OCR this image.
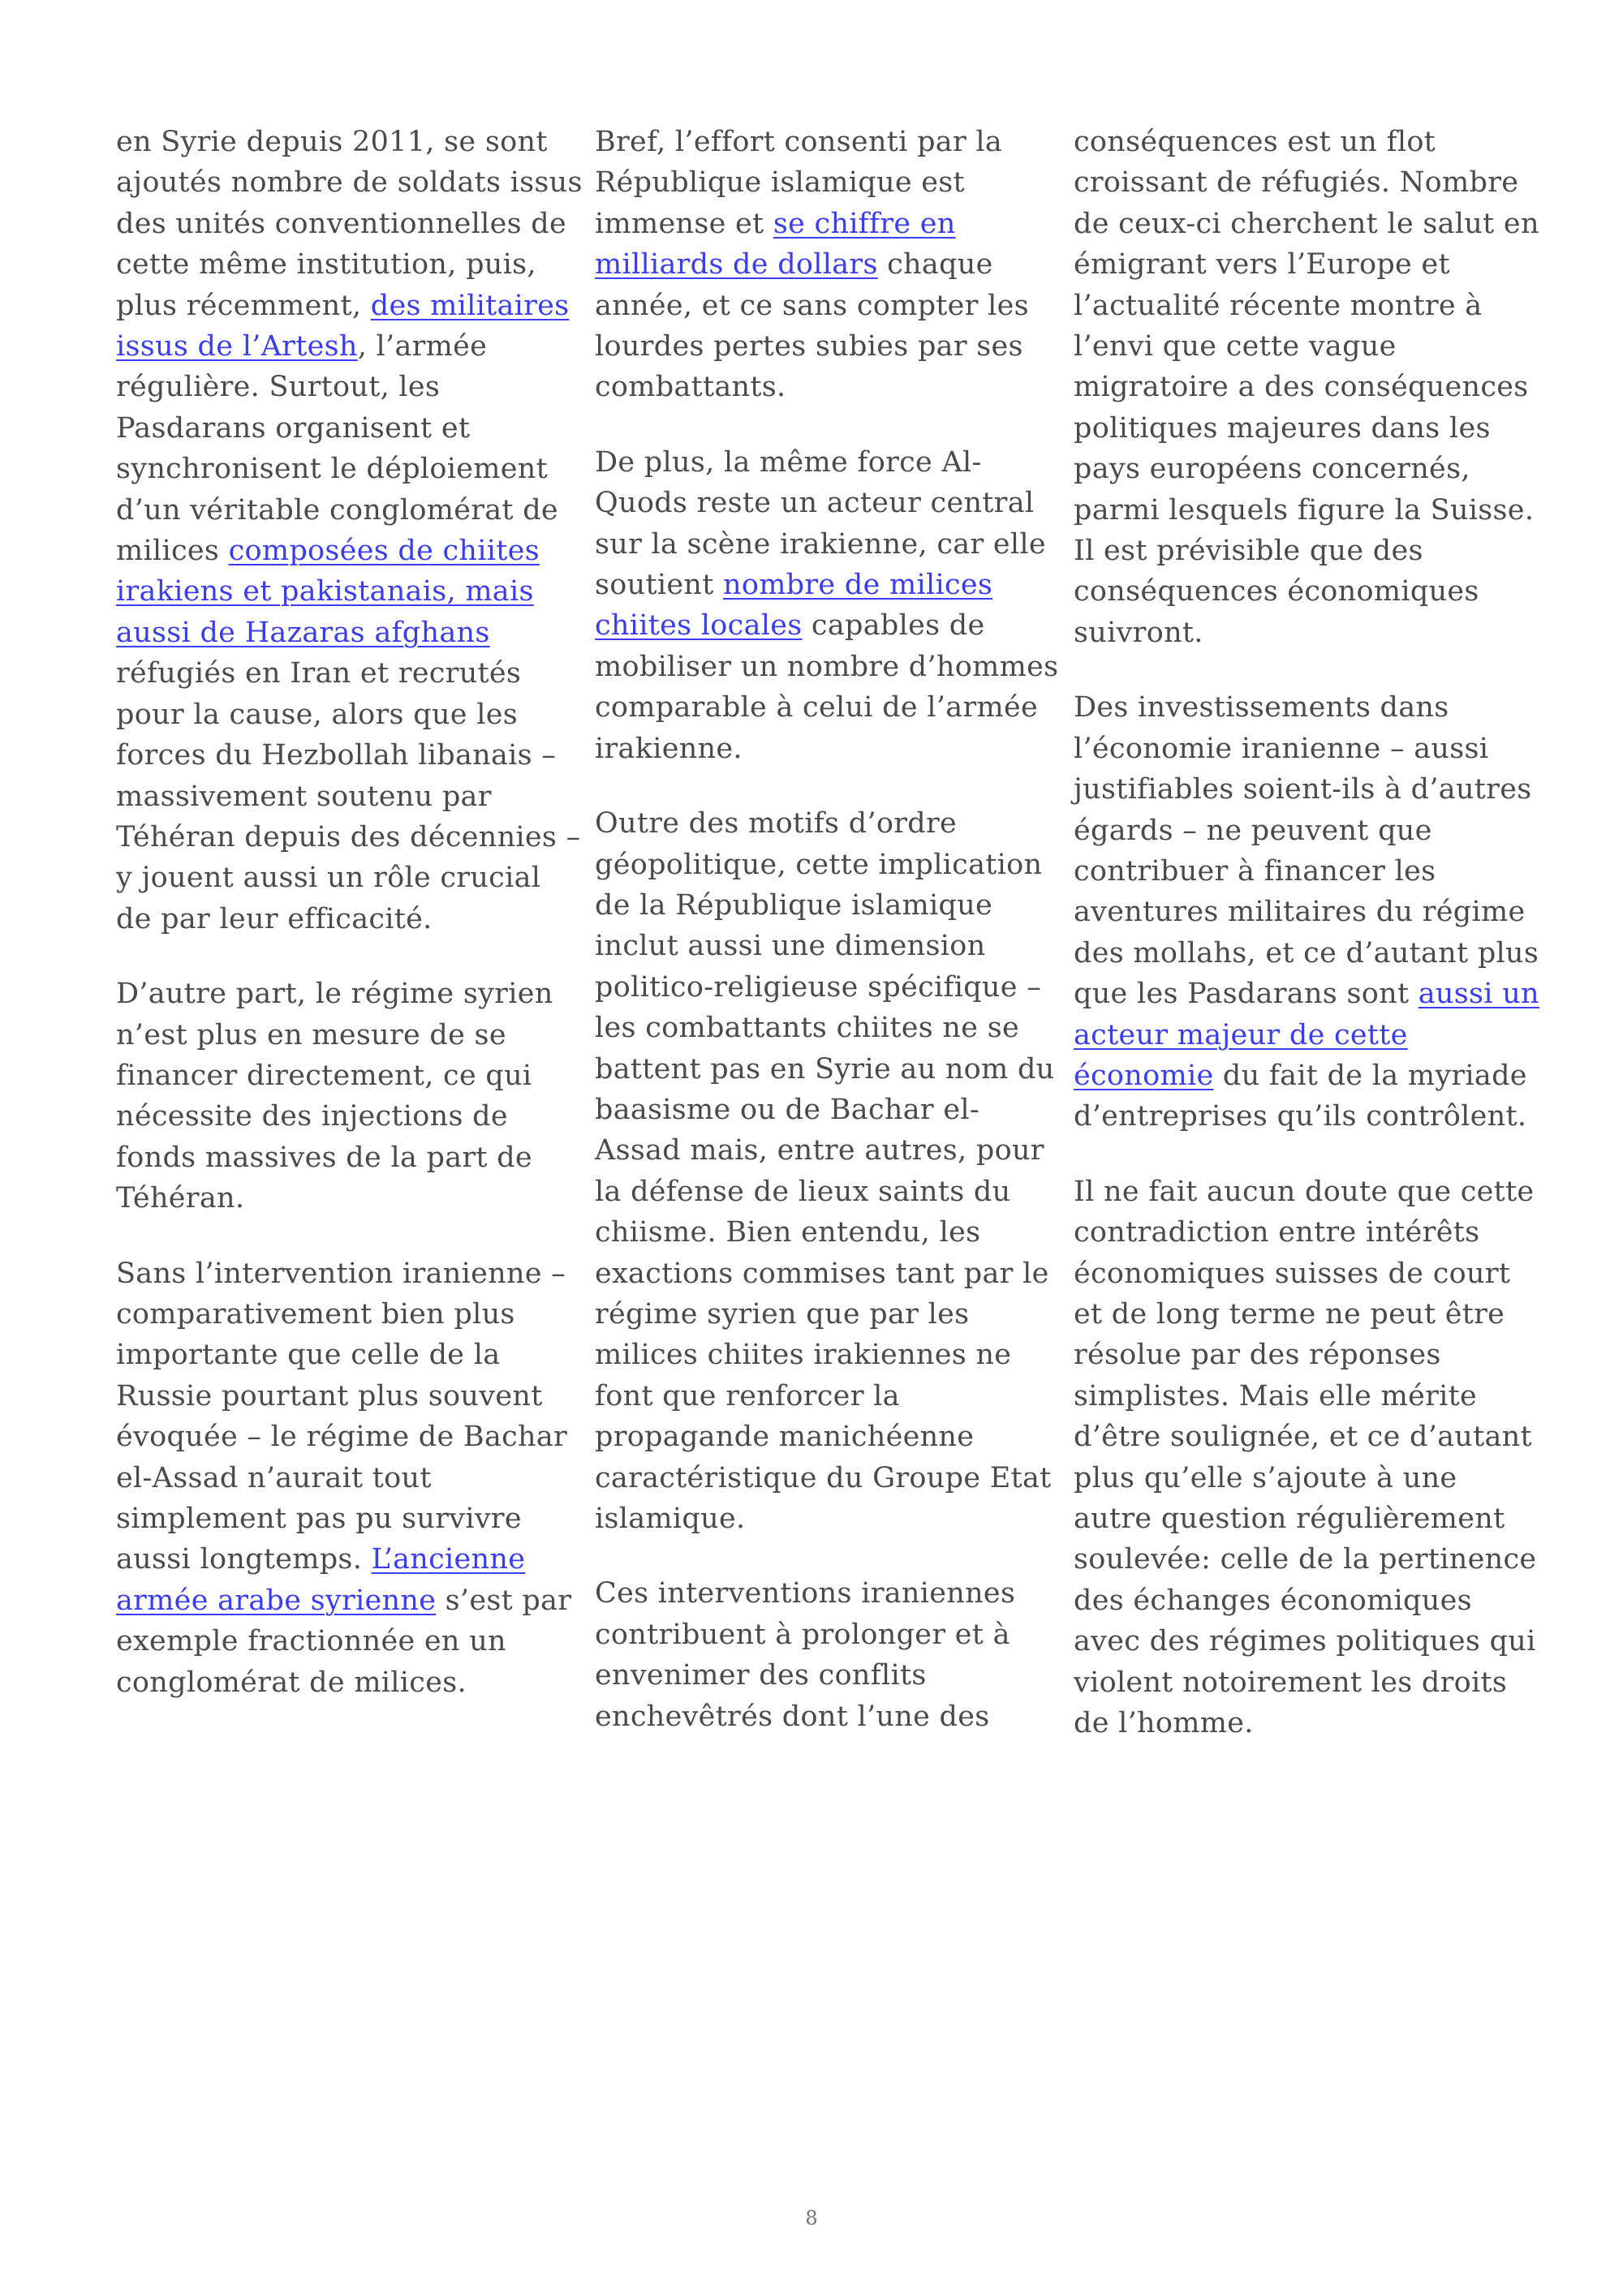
en Syrie depuis 2011, se sont
ajoutés nombre de soldats issus
des unités conventionnelles de
cette même institution, puis,
plus récemment, des militaires
issus de l’Artesh, l’armée
régulière. Surtout, les
Pasdarans organisent et
synchronisent le déploiement
d’un véritable conglomérat de
milices composées de chiites
irakiens et pakistanais, mais
aussi de Hazaras afghans
réfugiés en Iran et recrutés
pour la cause, alors que les
forces du Hezbollah libanais –
massivement soutenu par
Téhéran depuis des décennies –
y jouent aussi un rôle crucial
de par leur efficacité.

D’autre part, le régime syrien
n’est plus en mesure de se
financer directement, ce qui
nécessite des injections de
fonds massives de la part de
Téhéran.

Sans l’intervention iranienne –
comparativement bien plus
importante que celle de la
Russie pourtant plus souvent
évoquée – le régime de Bachar
el-Assad n’aurait tout
simplement pas pu survivre
aussi longtemps. L’ancienne
armée arabe syrienne s’est par
exemple fractionnée en un
conglomérat de milices.

Bref, l’effort consenti par la
République islamique est
immense et se chiffre en
milliards de dollars chaque
année, et ce sans compter les
lourdes pertes subies par ses
combattants.

De plus, la même force Al-
Quods reste un acteur central
sur la scène irakienne, car elle
soutient nombre de milices
chiites locales capables de
mobiliser un nombre d’hommes
comparable à celui de l’armée
irakienne.

Outre des motifs d’ordre
géopolitique, cette implication
de la République islamique
inclut aussi une dimension
politico-religieuse spécifique –
les combattants chiites ne se
battent pas en Syrie au nom du
baasisme ou de Bachar el-
Assad mais, entre autres, pour
la défense de lieux saints du
chiisme. Bien entendu, les
exactions commises tant par le
régime syrien que par les
milices chiites irakiennes ne
font que renforcer la
propagande manichéenne
caractéristique du Groupe Etat
islamique.

Ces interventions iraniennes
contribuent à prolonger et à
envenimer des conflits
enchevêtrés dont l’une des

conséquences est un flot
croissant de réfugiés. Nombre
de ceux-ci cherchent le salut en
émigrant vers l’Europe et
l’actualité récente montre à
l’envi que cette vague
migratoire a des conséquences
politiques majeures dans les
pays européens concernés,
parmi lesquels figure la Suisse.
Il est prévisible que des
conséquences économiques
suivront.

Des investissements dans
l’économie iranienne – aussi
justifiables soient-ils à d’autres
égards – ne peuvent que
contribuer à financer les
aventures militaires du régime
des mollahs, et ce d’autant plus
que les Pasdarans sont aussi un
acteur majeur de cette
économie du fait de la myriade
d’entreprises qu’ils contrôlent.

Il ne fait aucun doute que cette
contradiction entre intérêts
économiques suisses de court
et de long terme ne peut être
résolue par des réponses
simplistes. Mais elle mérite
d’être soulignée, et ce d’autant
plus qu’elle s’ajoute à une
autre question régulièrement
soulevée: celle de la pertinence
des échanges économiques
avec des régimes politiques qui
violent notoirement les droits
de l’homme.

8
